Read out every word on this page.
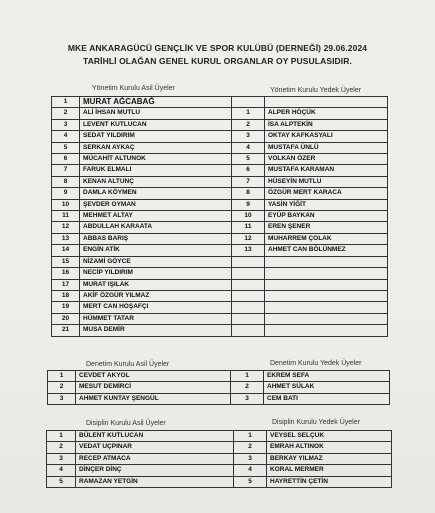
MKE ANKARAGÜCÜ GENÇLİK VE SPOR KULÜBÜ (DERNEĞİ) 29.06.2024
TARİHLİ OLAĞAN GENEL KURUL ORGANLAR OY PUSULASIDIR.
Yönetim Kurulu Asil Üyeler	Yönetim Kurulu Yedek Üyeler
1	MURAT AĞCABAĞ		
2	ALİ İHSAN MUTLU	1	ALPER HÖÇÜK
3	LEVENT KUTLUCAN	2	İSA ALPTEKİN
4	SEDAT YILDIRIM	3	OKTAY KAFKASYALI
5	SERKAN AYKAÇ	4	MUSTAFA ÜNLÜ
6	MÜCAHİT ALTUNOK	5	VOLKAN ÖZER
7	FARUK ELMALI	6	MUSTAFA KARAMAN
8	KENAN ALTUNÇ	7	HÜSEYİN MUTLU
9	DAMLA KÖYMEN	8	ÖZGÜR MERT KARACA
10	ŞEVDER OYMAN	9	YASİN YİĞİT
11	MEHMET ALTAY	10	EYÜP BAYKAN
12	ABDULLAH KARAATA	11	EREN ŞENER
13	ABBAS BARIŞ	12	MUHARREM ÇOLAK
14	ENGİN ATİK	13	AHMET CAN BÖLÜNMEZ
15	NİZAMİ GÖYCE		
16	NECİP YILDIRIM		
17	MURAT IŞILAK		
18	AKİF ÖZGÜR YILMAZ		
19	MERT CAN HOŞAFÇI		
20	HÜMMET TATAR		
21	MUSA DEMİR		
Denetim Kurulu Asil Üyeler	Denetim Kurulu Yedek Üyeler
1	CEVDET AKYOL	1	EKREM SEFA
2	MESUT DEMİRCİ	2	AHMET SÜLAK
3	AHMET KUNTAY ŞENGÜL	3	CEM BATI
Disiplin Kurulu Asil Üyeler	Disiplin Kurulu Yedek Üyeler
1	BÜLENT KUTLUCAN	1	VEYSEL SELÇUK
2	VEDAT UÇPINAR	2	EMRAH ALTINOK
3	RECEP ATMACA	3	BERKAY YILMAZ
4	DİNÇER DİNÇ	4	KORAL MERMER
5	RAMAZAN YETGİN	5	HAYRETTİN ÇETİN
